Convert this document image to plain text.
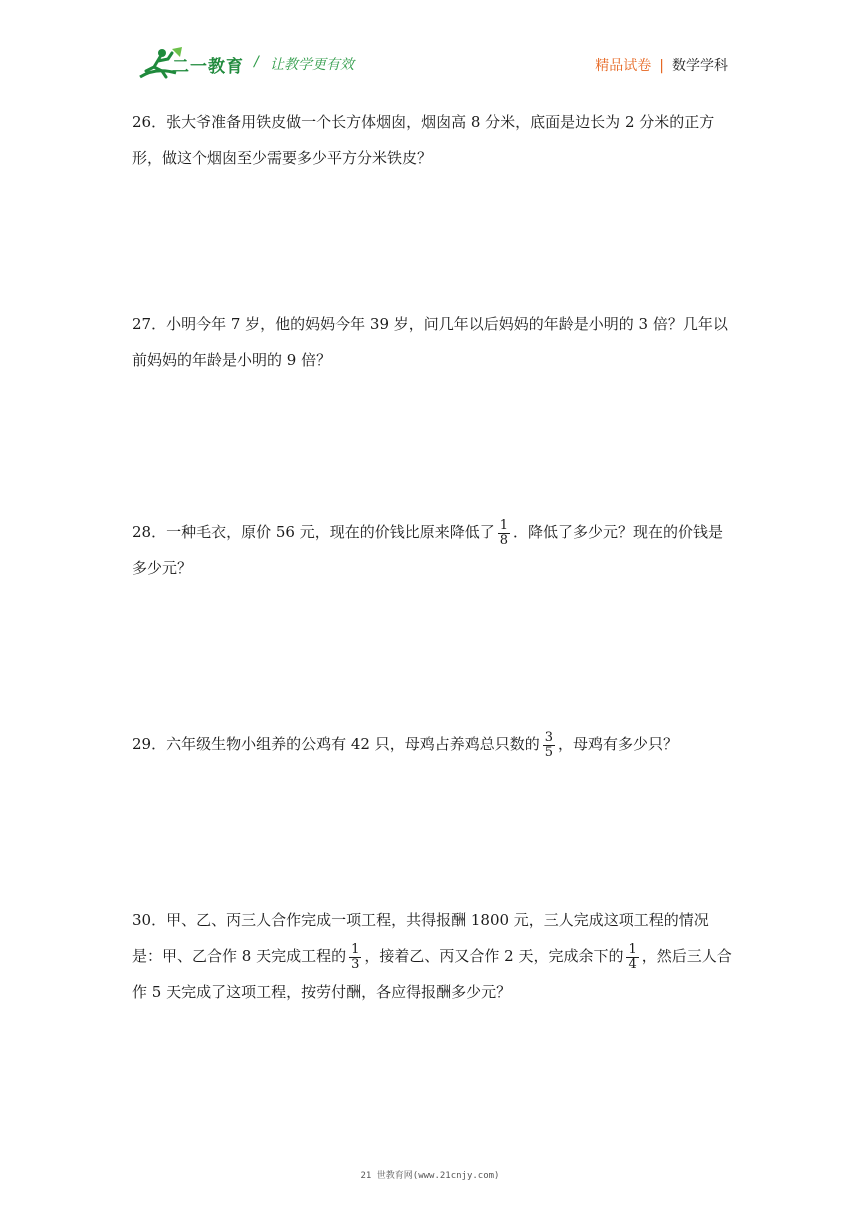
二一教育 / 让教学更有效	精品试卷 | 数学学科
26．张大爷准备用铁皮做一个长方体烟囱，烟囱高 8 分米，底面是边长为 2 分米的正方形，做这个烟囱至少需要多少平方分米铁皮？
27．小明今年 7 岁，他的妈妈今年 39 岁，问几年以后妈妈的年龄是小明的 3 倍？几年以前妈妈的年龄是小明的 9 倍？
28．一种毛衣，原价 56 元，现在的价钱比原来降低了 $\frac{1}{8}$ ．降低了多少元？现在的价钱是多少元？
29．六年级生物小组养的公鸡有 42 只，母鸡占养鸡总只数的 $\frac{3}{5}$ ，母鸡有多少只？
30．甲、乙、丙三人合作完成一项工程，共得报酬 1800 元，三人完成这项工程的情况是：甲、乙合作 8 天完成工程的 $\frac{1}{3}$ ，接着乙、丙又合作 2 天，完成余下的 $\frac{1}{4}$ ，然后三人合作 5 天完成了这项工程，按劳付酬，各应得报酬多少元？
21 世教育网(www.21cnjy.com)
